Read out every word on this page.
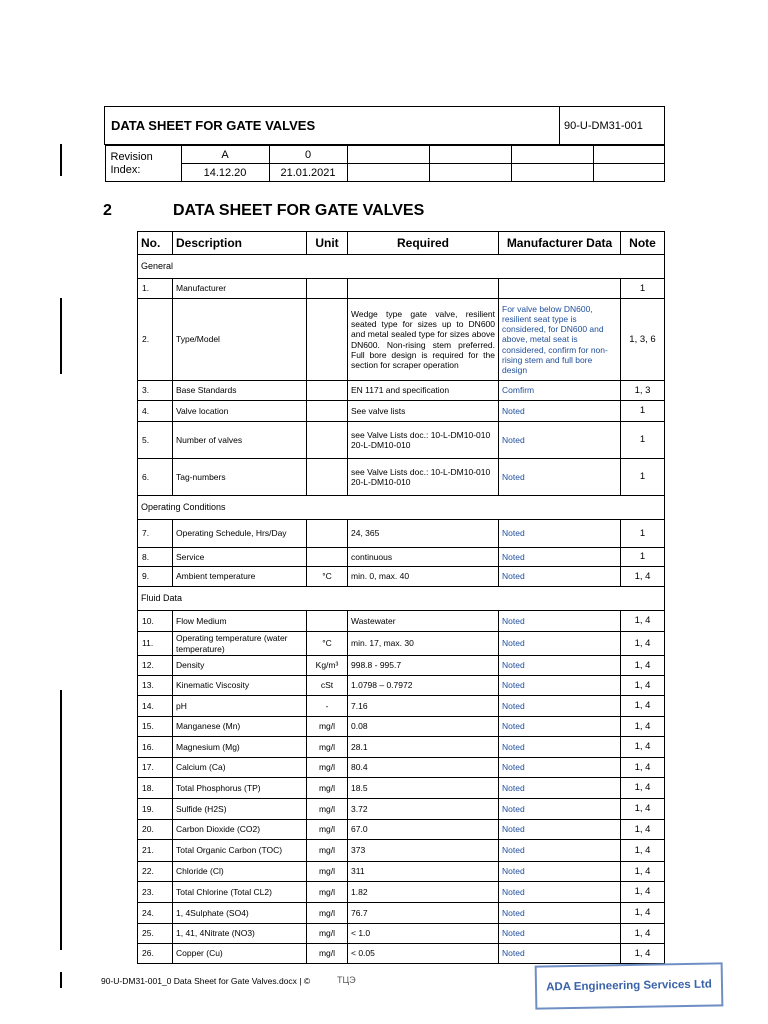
DATA SHEET FOR GATE VALVES	90-U-DM31-001

Revision Index:	A	0				
14.12.20	21.01.2021				
2	DATA SHEET FOR GATE VALVES
No.	Description	Unit	Required	Manufacturer Data	Note
General					
1.	Manufacturer				1
2.	Type/Model		Wedge type gate valve, resilient seated type for sizes up to DN600 and metal sealed type for sizes above DN600. Non-rising stem preferred. Full bore design is required for the section for scraper operation	For valve below DN600, resilient seat type is considered, for DN600 and above, metal seat is considered, confirm for non-rising stem and full bore design	1, 3, 6
3.	Base Standards		EN 1171 and specification	Comfirm	1, 3
4.	Valve location		See valve lists	Noted	1
5.	Number of valves		see Valve Lists doc.: 10-L-DM10-010 20-L-DM10-010	Noted	1
6.	Tag-numbers		see Valve Lists doc.: 10-L-DM10-010 20-L-DM10-010	Noted	1
Operating Conditions					
7.	Operating Schedule, Hrs/Day		24, 365	Noted	1
8.	Service		continuous	Noted	1
9.	Ambient temperature	°C	min. 0, max. 40	Noted	1, 4
Fluid Data					
10.	Flow Medium		Wastewater	Noted	1, 4
11.	Operating temperature (water temperature)	°C	min. 17, max. 30	Noted	1, 4
12.	Density	Kg/m³	998.8 - 995.7	Noted	1, 4
13.	Kinematic Viscosity	cSt	1.0798 – 0.7972	Noted	1, 4
14.	pH	-	7.16	Noted	1, 4
15.	Manganese (Mn)	mg/l	0.08	Noted	1, 4
16.	Magnesium (Mg)	mg/l	28.1	Noted	1, 4
17.	Calcium (Ca)	mg/l	80.4	Noted	1, 4
18.	Total Phosphorus (TP)	mg/l	18.5	Noted	1, 4
19.	Sulfide (H2S)	mg/l	3.72	Noted	1, 4
20.	Carbon Dioxide (CO2)	mg/l	67.0	Noted	1, 4
21.	Total Organic Carbon (TOC)	mg/l	373	Noted	1, 4
22.	Chloride (Cl)	mg/l	311	Noted	1, 4
23.	Total Chlorine (Total CL2)	mg/l	1.82	Noted	1, 4
24.	1, 4Sulphate (SO4)	mg/l	76.7	Noted	1, 4
25.	1, 41, 4Nitrate (NO3)	mg/l	< 1.0	Noted	1, 4
26.	Copper (Cu)	mg/l	< 0.05	Noted	1, 4
90-U-DM31-001_0 Data Sheet for Gate Valves.docx | ©	ТЦЭ	ADA Engineering Services Ltd
